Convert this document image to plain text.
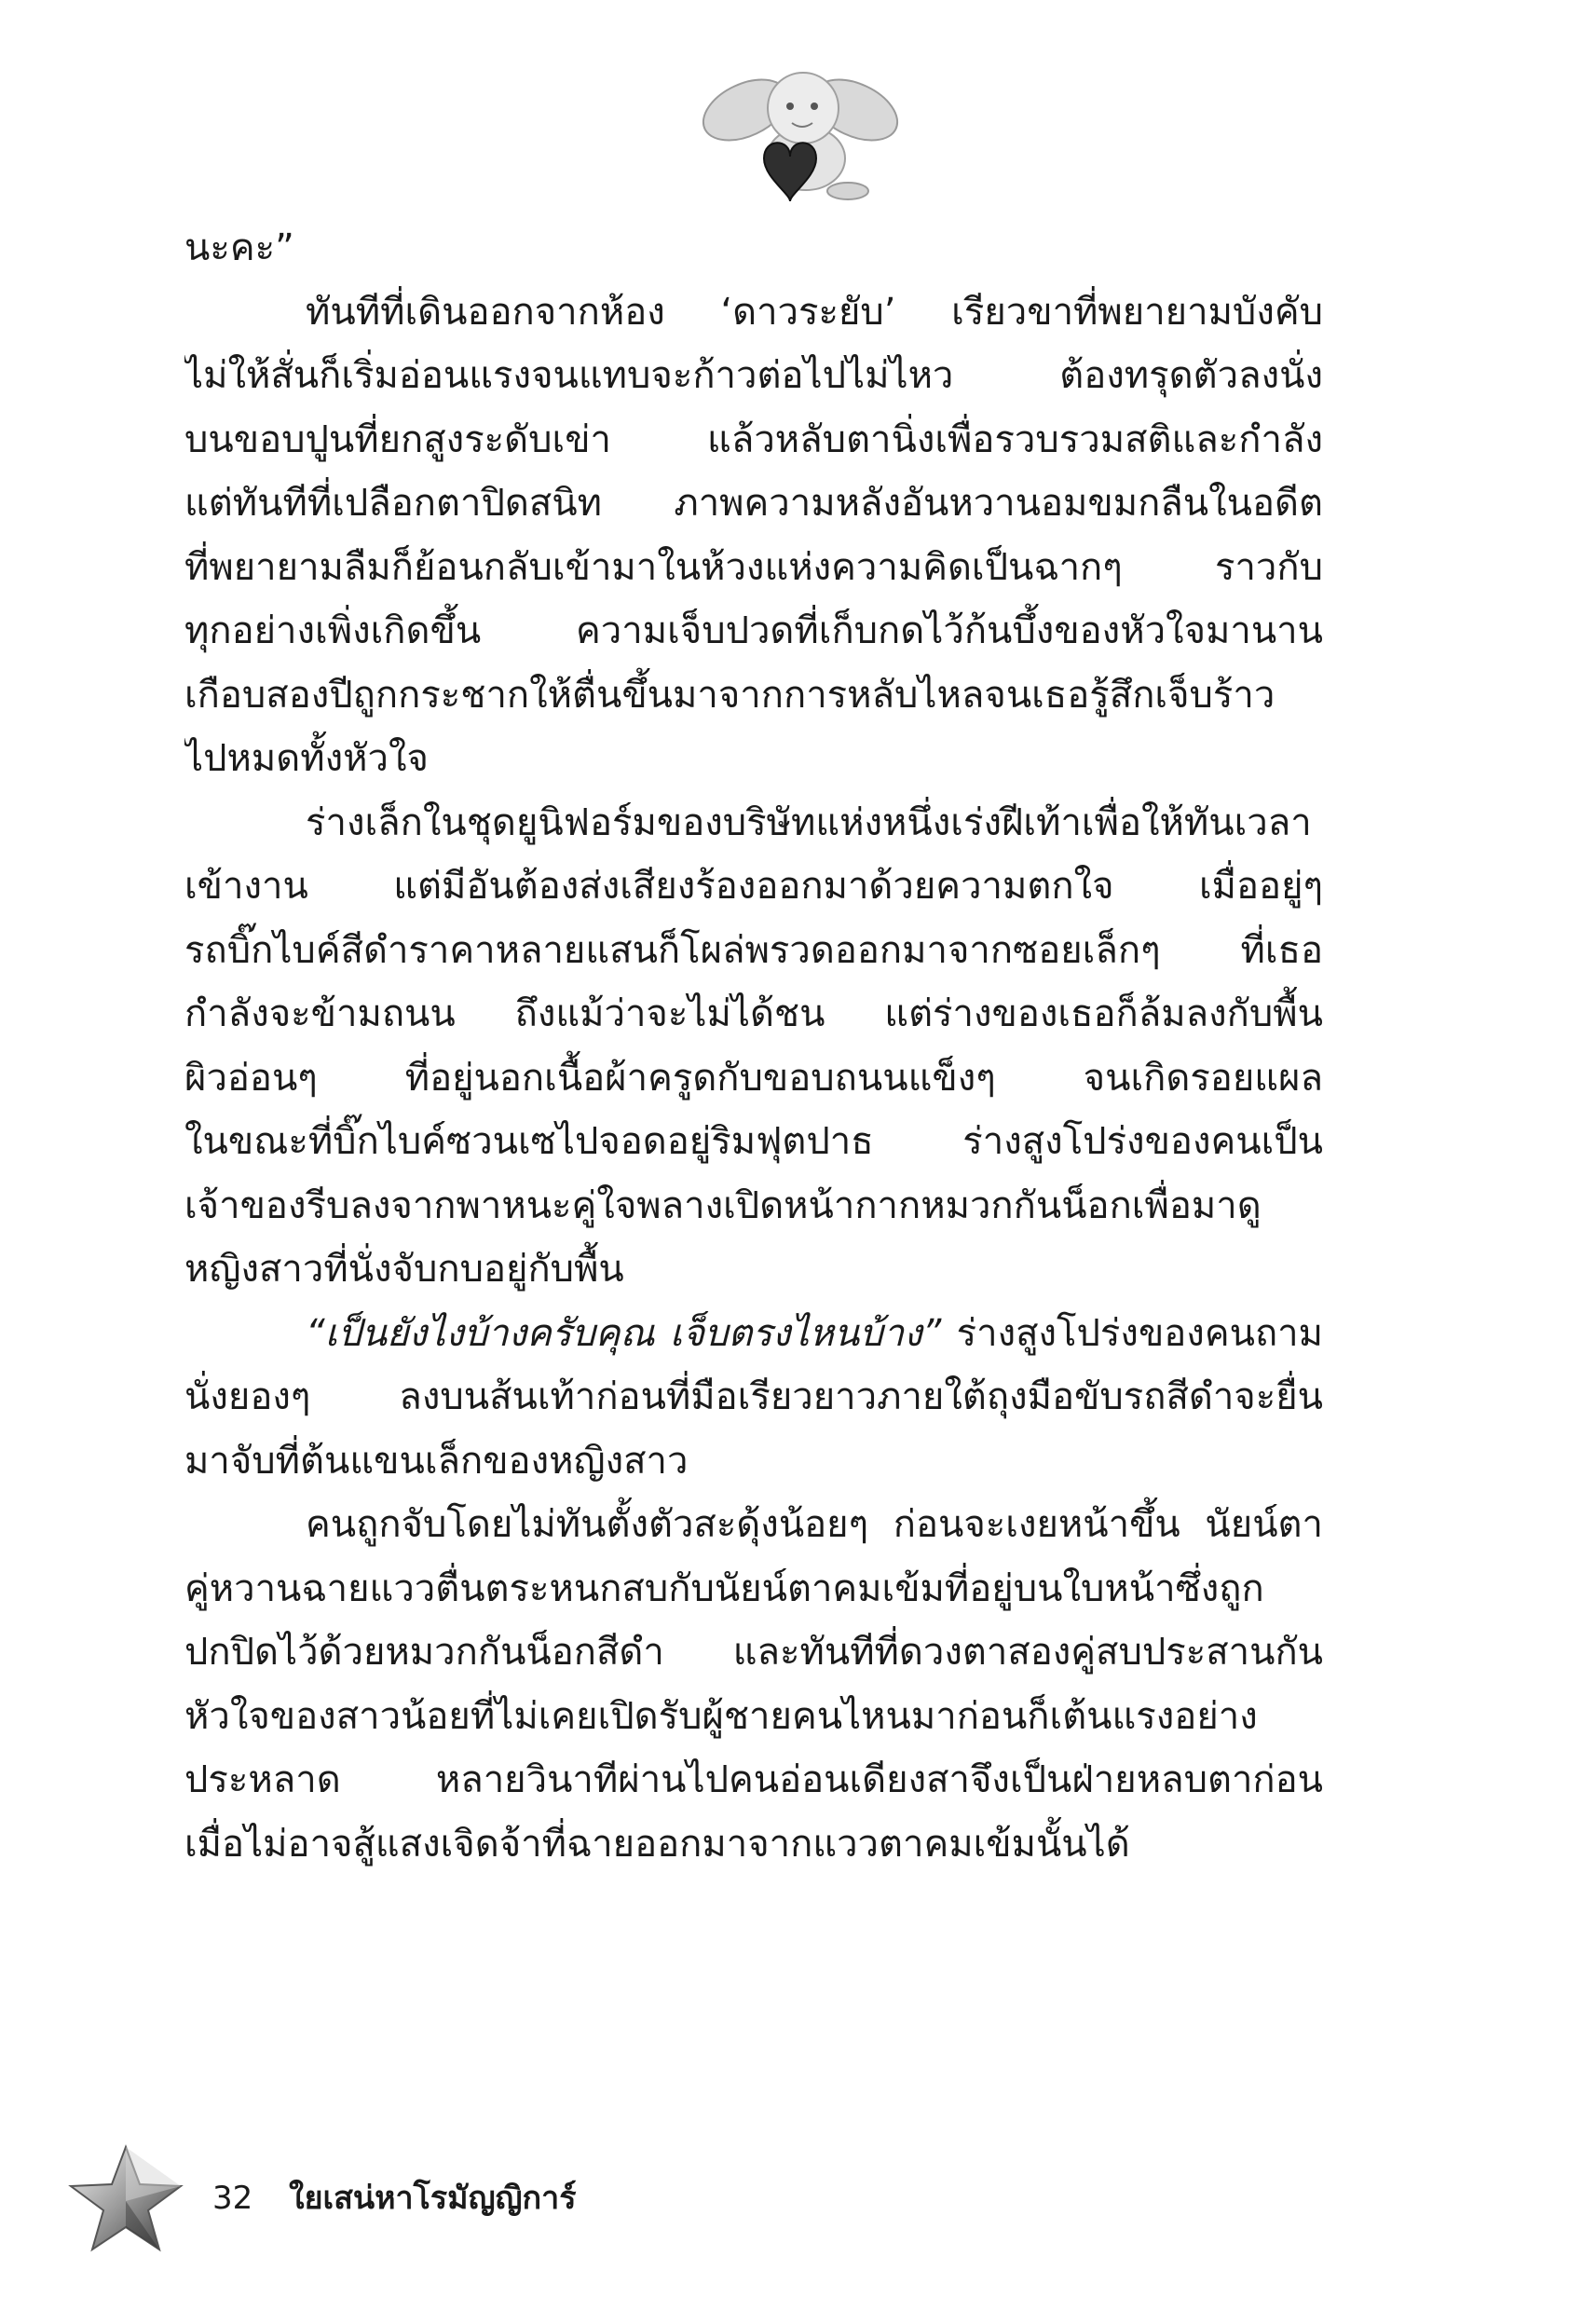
นะคะ”
ทันทีที่เดินออกจากห้อง ‘ดาวระยับ’ เรียวขาที่พยายามบังคับ
ไม่ให้สั่นก็เริ่มอ่อนแรงจนแทบจะก้าวต่อไปไม่ไหว ต้องทรุดตัวลงนั่ง
บนขอบปูนที่ยกสูงระดับเข่า แล้วหลับตานิ่งเพื่อรวบรวมสติและกำลัง
แต่ทันทีที่เปลือกตาปิดสนิท ภาพความหลังอันหวานอมขมกลืนในอดีต
ที่พยายามลืมก็ย้อนกลับเข้ามาในห้วงแห่งความคิดเป็นฉากๆ ราวกับ
ทุกอย่างเพิ่งเกิดขึ้น ความเจ็บปวดที่เก็บกดไว้ก้นบึ้งของหัวใจมานาน
เกือบสองปีถูกกระชากให้ตื่นขึ้นมาจากการหลับไหลจนเธอรู้สึกเจ็บร้าว
ไปหมดทั้งหัวใจ
ร่างเล็กในชุดยูนิฟอร์มของบริษัทแห่งหนึ่งเร่งฝีเท้าเพื่อให้ทันเวลา
เข้างาน แต่มีอันต้องส่งเสียงร้องออกมาด้วยความตกใจ เมื่ออยู่ๆ
รถบิ๊กไบค์สีดำราคาหลายแสนก็โผล่พรวดออกมาจากซอยเล็กๆ ที่เธอ
กำลังจะข้ามถนน ถึงแม้ว่าจะไม่ได้ชน แต่ร่างของเธอก็ล้มลงกับพื้น
ผิวอ่อนๆ ที่อยู่นอกเนื้อผ้าครูดกับขอบถนนแข็งๆ จนเกิดรอยแผล
ในขณะที่บิ๊กไบค์ซวนเซไปจอดอยู่ริมฟุตปาธ ร่างสูงโปร่งของคนเป็น
เจ้าของรีบลงจากพาหนะคู่ใจพลางเปิดหน้ากากหมวกกันน็อกเพื่อมาดู
หญิงสาวที่นั่งจับกบอยู่กับพื้น
“เป็นยังไงบ้างครับคุณ เจ็บตรงไหนบ้าง” ร่างสูงโปร่งของคนถาม
นั่งยองๆ ลงบนส้นเท้าก่อนที่มือเรียวยาวภายใต้ถุงมือขับรถสีดำจะยื่น
มาจับที่ต้นแขนเล็กของหญิงสาว
คนถูกจับโดยไม่ทันตั้งตัวสะดุ้งน้อยๆ ก่อนจะเงยหน้าขึ้น นัยน์ตา
คู่หวานฉายแววตื่นตระหนกสบกับนัยน์ตาคมเข้มที่อยู่บนใบหน้าซึ่งถูก
ปกปิดไว้ด้วยหมวกกันน็อกสีดำ และทันทีที่ดวงตาสองคู่สบประสานกัน
หัวใจของสาวน้อยที่ไม่เคยเปิดรับผู้ชายคนไหนมาก่อนก็เต้นแรงอย่าง
ประหลาด หลายวินาทีผ่านไปคนอ่อนเดียงสาจึงเป็นฝ่ายหลบตาก่อน
เมื่อไม่อาจสู้แสงเจิดจ้าที่ฉายออกมาจากแววตาคมเข้มนั้นได้
32 ใยเสน่หาโรมัญญิการ์
